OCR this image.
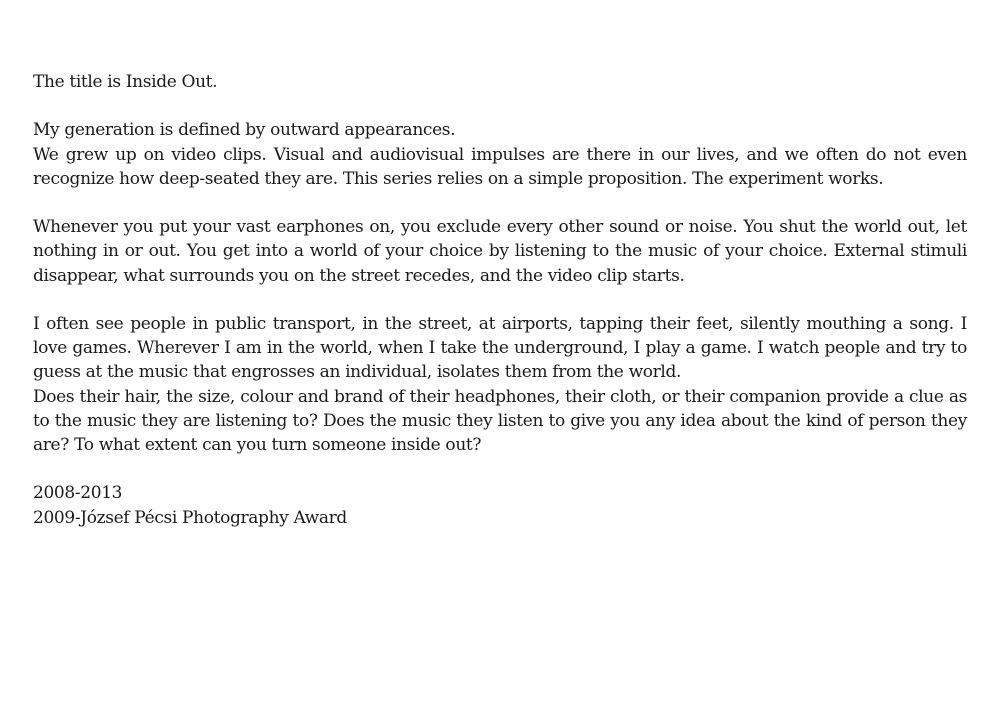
The title is Inside Out.

My generation is defined by outward appearances.
We grew up on video clips. Visual and audiovisual impulses are there in our lives, and we often do not even recognize how deep-seated they are. This series relies on a simple proposition. The experiment works.

Whenever you put your vast earphones on, you exclude every other sound or noise. You shut the world out, let nothing in or out. You get into a world of your choice by listening to the music of your choice. External stimuli disappear, what surrounds you on the street recedes, and the video clip starts.

I often see people in public transport, in the street, at airports, tapping their feet, silently mouthing a song. I love games. Wherever I am in the world, when I take the underground, I play a game. I watch people and try to guess at the music that engrosses an individual, isolates them from the world.
Does their hair, the size, colour and brand of their headphones, their cloth, or their companion provide a clue as to the music they are listening to? Does the music they listen to give you any idea about the kind of person they are? To what extent can you turn someone inside out?

2008-2013
2009-József Pécsi Photography Award
